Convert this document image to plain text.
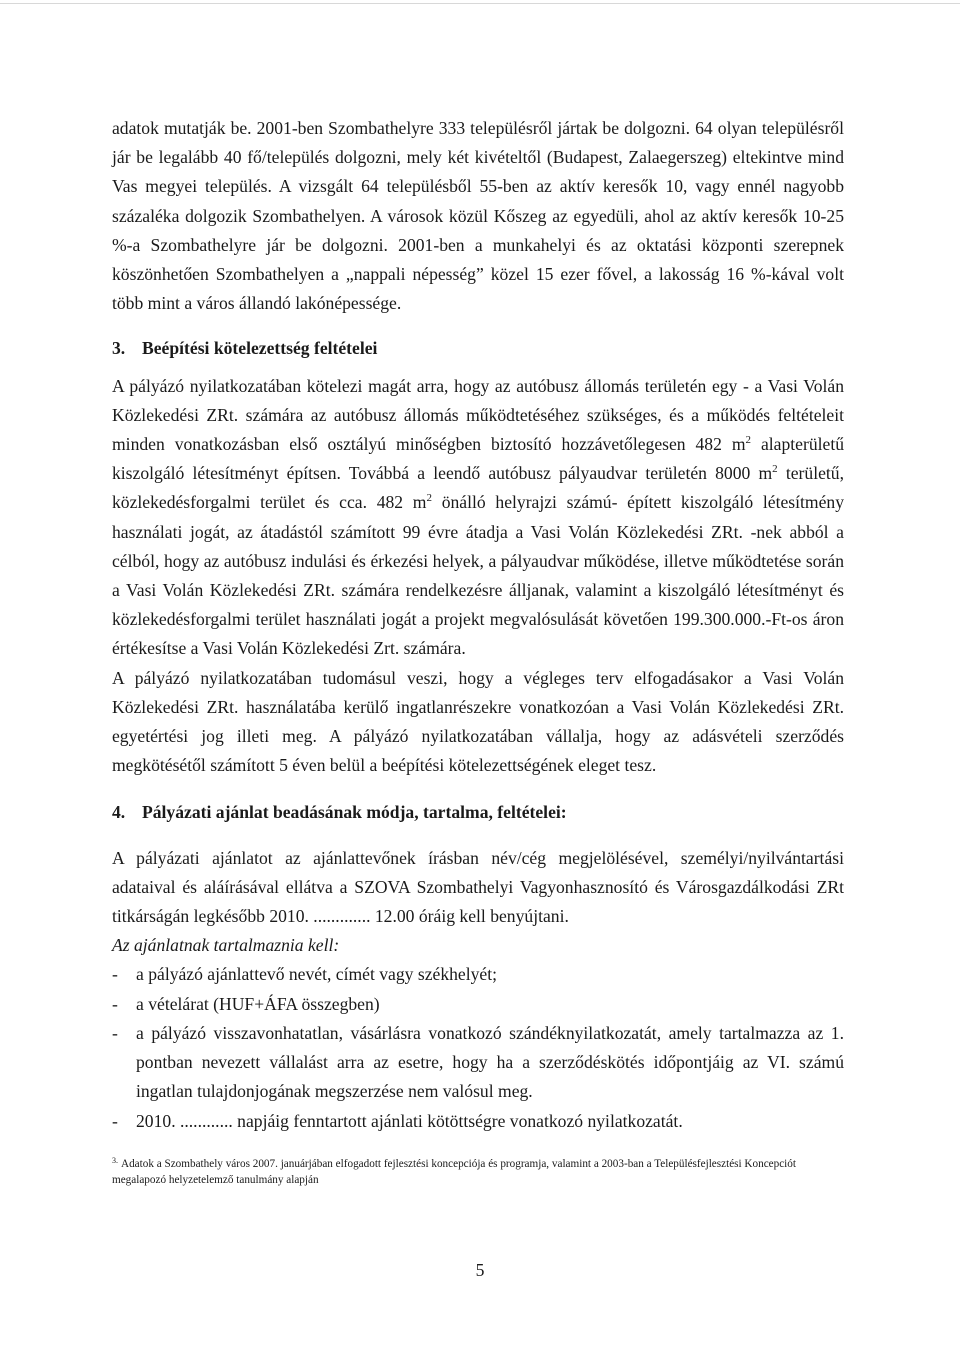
adatok mutatják be. 2001-ben Szombathelyre 333 településről jártak be dolgozni. 64 olyan településről jár be legalább 40 fő/település dolgozni, mely két kivételtől (Budapest, Zalaegerszeg) eltekintve mind Vas megyei település. A vizsgált 64 településből 55-ben az aktív keresők 10, vagy ennél nagyobb százaléka dolgozik Szombathelyen. A városok közül Kőszeg az egyedüli, ahol az aktív keresők 10-25 %-a Szombathelyre jár be dolgozni. 2001-ben a munkahelyi és az oktatási központi szerepnek köszönhetően Szombathelyen a „nappali népesség” közel 15 ezer fővel, a lakosság 16 %-kával volt több mint a város állandó lakónépessége.

3. Beépítési kötelezettség feltételei

A pályázó nyilatkozatában kötelezi magát arra, hogy az autóbusz állomás területén egy - a Vasi Volán Közlekedési ZRt. számára az autóbusz állomás működtetéséhez szükséges, és a működés feltételeit minden vonatkozásban első osztályú minőségben biztosító hozzávetőlegesen 482 $m^2$ alapterületű kiszolgáló létesítményt építsen. Továbbá a leendő autóbusz pályaudvar területén 8000 $m^2$ területű, közlekedésforgalmi terület és cca. 482 $m^2$ önálló helyrajzi számú- épített kiszolgáló létesítmény használati jogát, az átadástól számított 99 évre átadja a Vasi Volán Közlekedési ZRt. -nek abból a célból, hogy az autóbusz indulási és érkezési helyek, a pályaudvar működése, illetve működtetése során a Vasi Volán Közlekedési ZRt. számára rendelkezésre álljanak, valamint a kiszolgáló létesítményt és közlekedésforgalmi terület használati jogát a projekt megvalósulását követően 199.300.000.-Ft-os áron értékesítse a Vasi Volán Közlekedési Zrt. számára.

A pályázó nyilatkozatában tudomásul veszi, hogy a végleges terv elfogadásakor a Vasi Volán Közlekedési ZRt. használatába kerülő ingatlanrészekre vonatkozóan a Vasi Volán Közlekedési ZRt. egyetértési jog illeti meg. A pályázó nyilatkozatában vállalja, hogy az adásvételi szerződés megkötésétől számított 5 éven belül a beépítési kötelezettségének eleget tesz.

4. Pályázati ajánlat beadásának módja, tartalma, feltételei:

A pályázati ajánlatot az ajánlattevőnek írásban név/cég megjelölésével, személyi/nyilvántartási adataival és aláírásával ellátva a SZOVA Szombathelyi Vagyonhasznosító és Városgazdálkodási ZRt titkárságán legkésőbb 2010. ............. 12.00 óráig kell benyújtani.

Az ajánlatnak tartalmaznia kell:

- a pályázó ajánlattevő nevét, címét vagy székhelyét;
- a vételárat (HUF+ÁFA összegben)
- a pályázó visszavonhatatlan, vásárlásra vonatkozó szándéknyilatkozatát, amely tartalmazza az 1. pontban nevezett vállalást arra az esetre, hogy ha a szerződéskötés időpontjáig az VI. számú ingatlan tulajdonjogának megszerzése nem valósul meg.
- 2010. ............ napjáig fenntartott ajánlati kötöttségre vonatkozó nyilatkozatát.
$^{3.}$ Adatok a Szombathely város 2007. januárjában elfogadott fejlesztési koncepciója és programja, valamint a 2003-ban a Településfejlesztési Koncepciót megalapozó helyzetelemző tanulmány alapján
5
